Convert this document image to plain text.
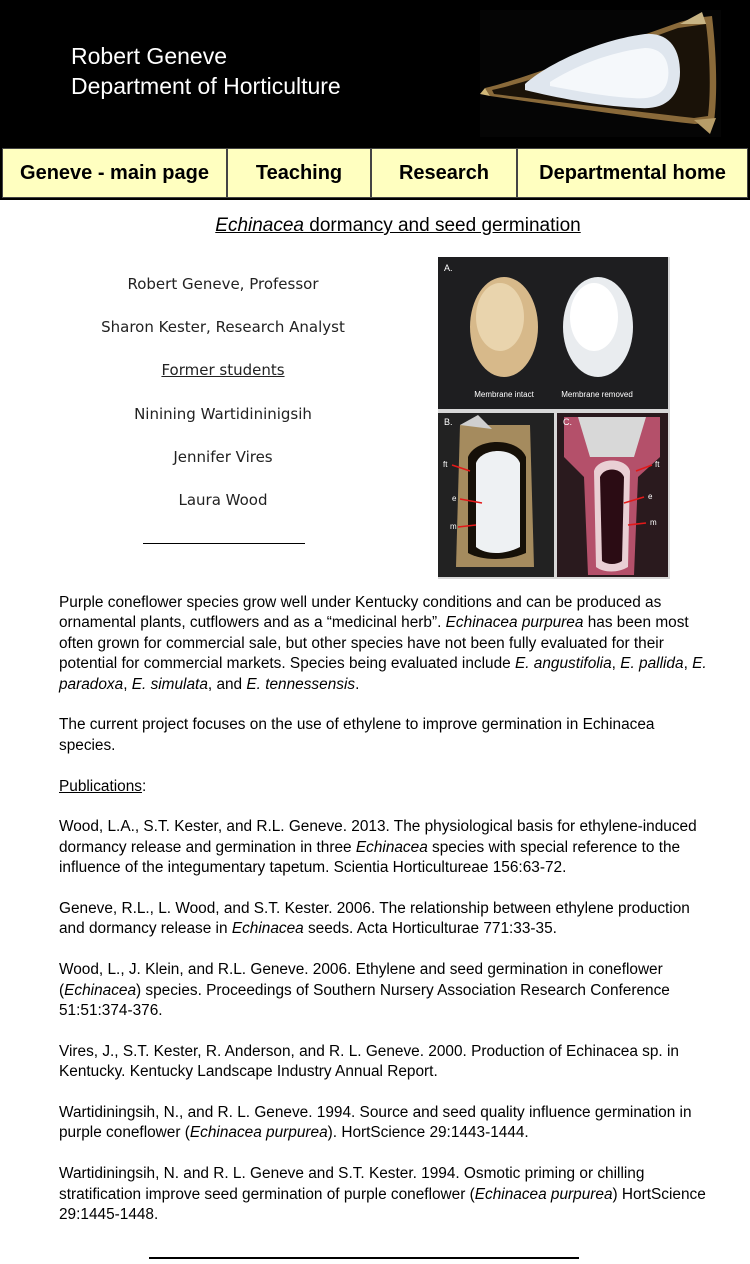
Robert Geneve
Department of Horticulture
Geneve - main page Teaching	Research	Departmental home
Echinacea dormancy and seed germination
Robert Geneve, Professor
Sharon Kester, Research Analyst
Former students
Ninining Wartidininigsih
Jennifer Vires
Laura Wood
A.
Membrane intact	Membrane removed
B.
ft
e
m
C.
ft
e
m

Purple coneflower species grow well under Kentucky conditions and can be produced as ornamental plants, cutflowers and as a “medicinal herb”. Echinacea purpurea has been most often grown for commercial sale, but other species have not been fully evaluated for their potential for commercial markets. Species being evaluated include E. angustifolia, E. pallida, E. paradoxa, E. simulata, and E. tennessensis.

The current project focuses on the use of ethylene to improve germination in Echinacea species.

Publications:

Wood, L.A., S.T. Kester, and R.L. Geneve. 2013. The physiological basis for ethylene-induced dormancy release and germination in three Echinacea species with special reference to the influence of the integumentary tapetum. Scientia Horticultureae 156:63-72.

Geneve, R.L., L. Wood, and S.T. Kester. 2006. The relationship between ethylene production and dormancy release in Echinacea seeds. Acta Horticulturae 771:33-35.

Wood, L., J. Klein, and R.L. Geneve. 2006. Ethylene and seed germination in coneflower (Echinacea) species. Proceedings of Southern Nursery Association Research Conference 51:51:374-376.

Vires, J., S.T. Kester, R. Anderson, and R. L. Geneve. 2000. Production of Echinacea sp. in Kentucky. Kentucky Landscape Industry Annual Report.

Wartidiningsih, N., and R. L. Geneve. 1994. Source and seed quality influence germination in purple coneflower (Echinacea purpurea). HortScience 29:1443-1444.

Wartidiningsih, N. and R. L. Geneve and S.T. Kester. 1994. Osmotic priming or chilling stratification improve seed germination of purple coneflower (Echinacea purpurea) HortScience 29:1445-1448.
